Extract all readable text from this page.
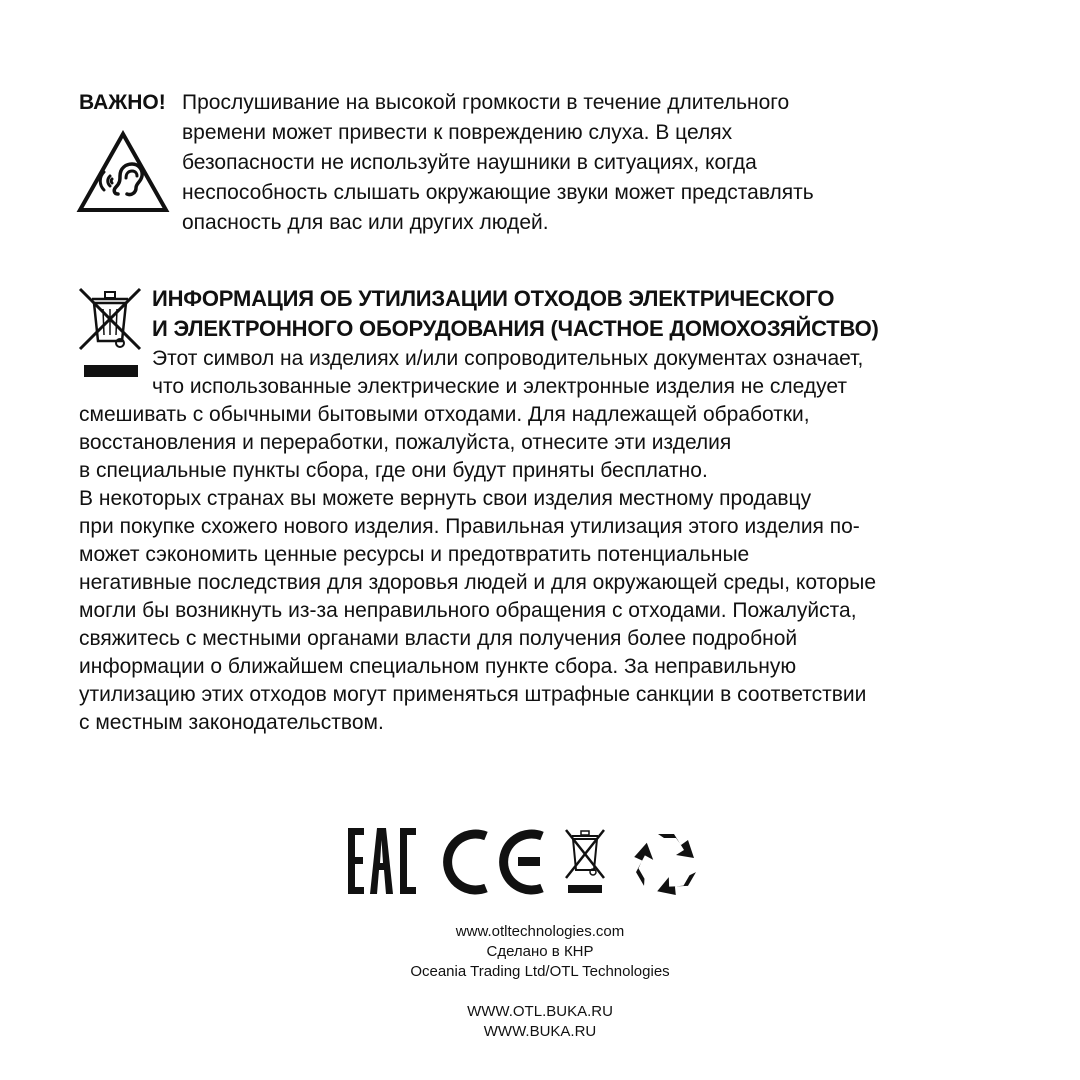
ВАЖНО! Прослушивание на высокой громкости в течение длительного
времени может привести к повреждению слуха. В целях
безопасности не используйте наушники в ситуациях, когда
неспособность слышать окружающие звуки может представлять
опасность для вас или других людей.
ИНФОРМАЦИЯ ОБ УТИЛИЗАЦИИ ОТХОДОВ ЭЛЕКТРИЧЕСКОГО
И ЭЛЕКТРОННОГО ОБОРУДОВАНИЯ (ЧАСТНОЕ ДОМОХОЗЯЙСТВО)
Этот символ на изделиях и/или сопроводительных документах означает,
что использованные электрические и электронные изделия не следует
смешивать с обычными бытовыми отходами. Для надлежащей обработки,
восстановления и переработки, пожалуйста, отнесите эти изделия
в специальные пункты сбора, где они будут приняты бесплатно.
В некоторых странах вы можете вернуть свои изделия местному продавцу
при покупке схожего нового изделия. Правильная утилизация этого изделия по-
может сэкономить ценные ресурсы и предотвратить потенциальные
негативные последствия для здоровья людей и для окружающей среды, которые
могли бы возникнуть из-за неправильного обращения с отходами. Пожалуйста,
свяжитесь с местными органами власти для получения более подробной
информации о ближайшем специальном пункте сбора. За неправильную
утилизацию этих отходов могут применяться штрафные санкции в соответствии
с местным законодательством.
www.otltechnologies.com
Сделано в КНР
Oceania Trading Ltd/OTL Technologies
WWW.OTL.BUKA.RU
WWW.BUKA.RU
